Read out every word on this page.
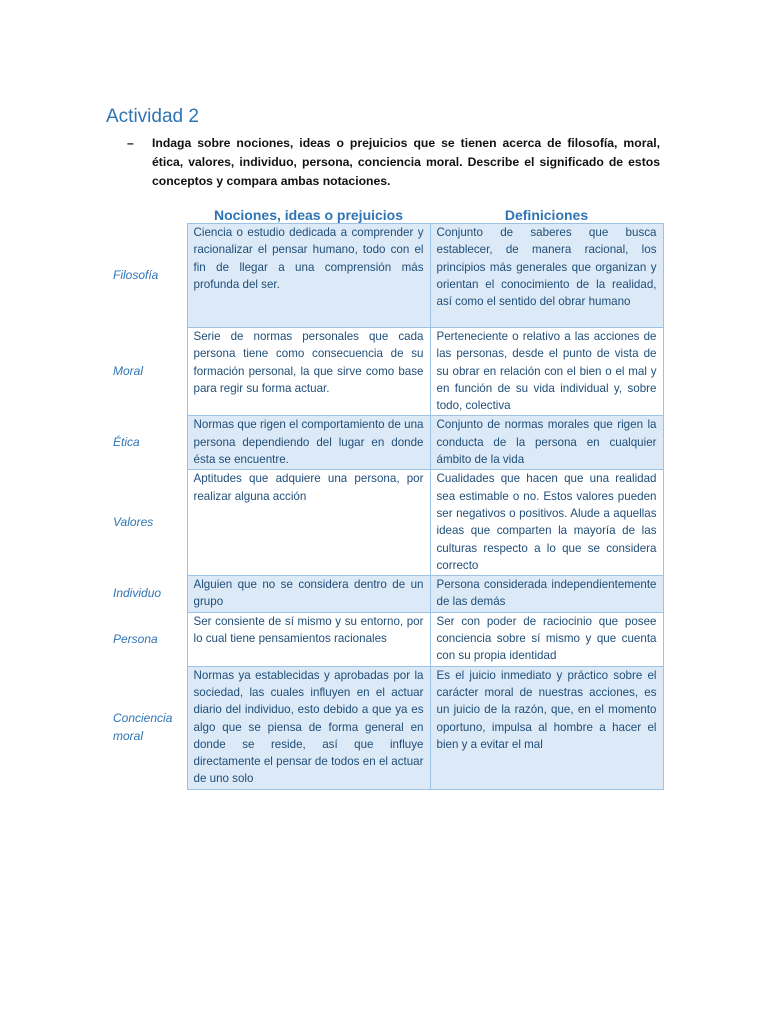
Actividad 2
–	Indaga sobre nociones, ideas o prejuicios que se tienen acerca de filosofía, moral, ética, valores, individuo, persona, conciencia moral. Describe el significado de estos conceptos y compara ambas notaciones.
	Nociones, ideas o prejuicios	Definiciones
Filosofía	Ciencia o estudio dedicada a comprender y racionalizar el pensar humano, todo con el fin de llegar a una comprensión más profunda del ser.	Conjunto de saberes que busca establecer, de manera racional, los principios más generales que organizan y orientan el conocimiento de la realidad, así como el sentido del obrar humano
Moral	Serie de normas personales que cada persona tiene como consecuencia de su formación personal, la que sirve como base para regir su forma actuar.	Perteneciente o relativo a las acciones de las personas, desde el punto de vista de su obrar en relación con el bien o el mal y en función de su vida individual y, sobre todo, colectiva
Ética	Normas que rigen el comportamiento de una persona dependiendo del lugar en donde ésta se encuentre.	Conjunto de normas morales que rigen la conducta de la persona en cualquier ámbito de la vida
Valores	Aptitudes que adquiere una persona, por realizar alguna acción	Cualidades que hacen que una realidad sea estimable o no. Estos valores pueden ser negativos o positivos. Alude a aquellas ideas que comparten la mayoría de las culturas respecto a lo que se considera correcto
Individuo	Alguien que no se considera dentro de un grupo	Persona considerada independientemente de las demás
Persona	Ser consiente de sí mismo y su entorno, por lo cual tiene pensamientos racionales	Ser con poder de raciocinio que posee conciencia sobre sí mismo y que cuenta con su propia identidad
Conciencia moral	Normas ya establecidas y aprobadas por la sociedad, las cuales influyen en el actuar diario del individuo, esto debido a que ya es algo que se piensa de forma general en donde se reside, así que influye directamente el pensar de todos en el actuar de uno solo	Es el juicio inmediato y práctico sobre el carácter moral de nuestras acciones, es un juicio de la razón, que, en el momento oportuno, impulsa al hombre a hacer el bien y a evitar el mal
